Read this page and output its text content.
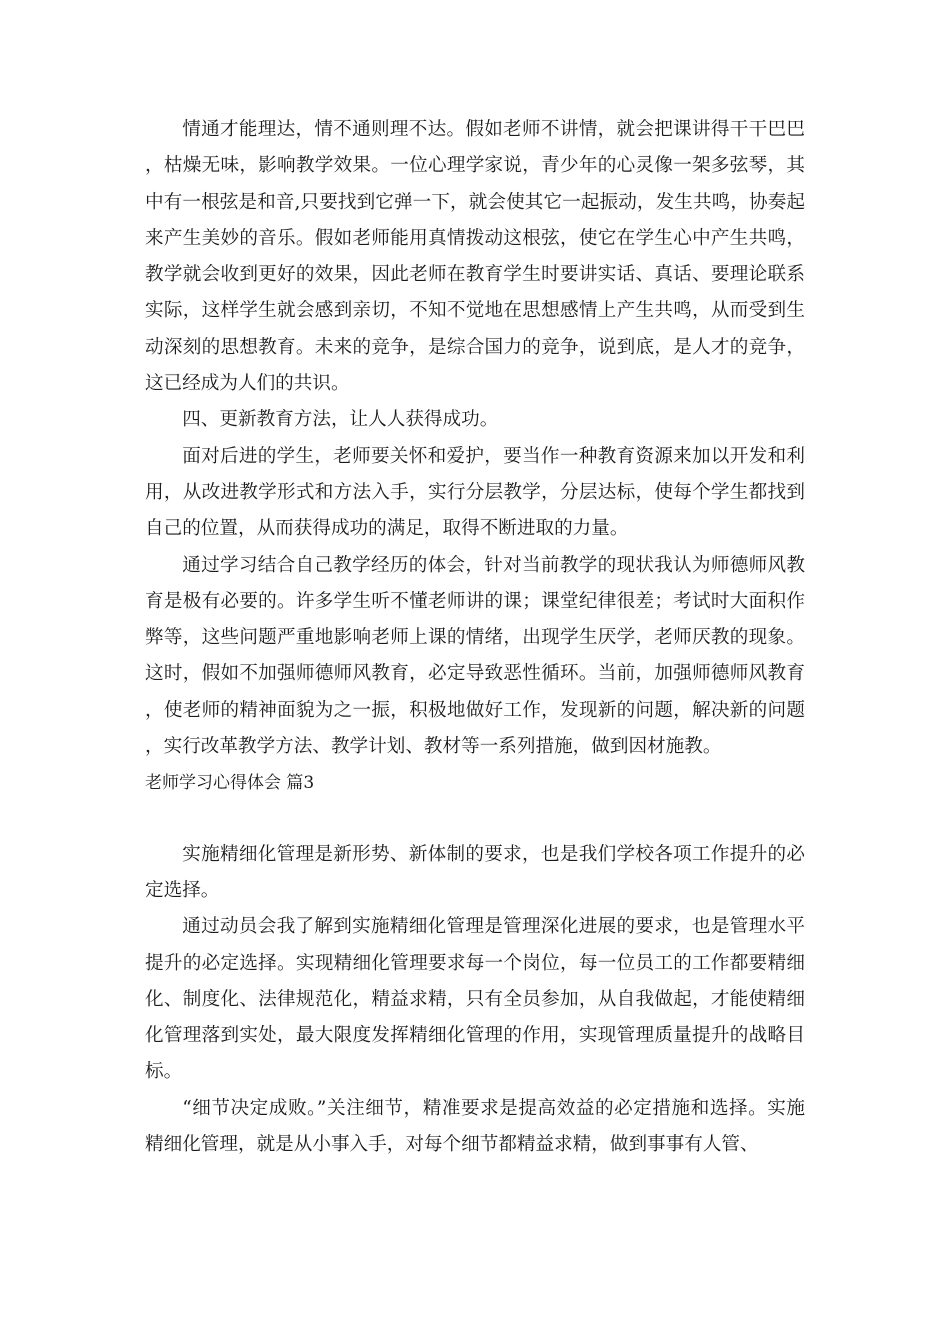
情通才能理达，情不通则理不达。假如老师不讲情，就会把课讲得干干巴巴，枯燥无味，影响教学效果。一位心理学家说，青少年的心灵像一架多弦琴，其中有一根弦是和音,只要找到它弹一下，就会使其它一起振动，发生共鸣，协奏起来产生美妙的音乐。假如老师能用真情拨动这根弦，使它在学生心中产生共鸣，教学就会收到更好的效果，因此老师在教育学生时要讲实话、真话、要理论联系实际，这样学生就会感到亲切，不知不觉地在思想感情上产生共鸣，从而受到生动深刻的思想教育。未来的竞争，是综合国力的竞争，说到底，是人才的竞争，这已经成为人们的共识。

四、更新教育方法，让人人获得成功。

面对后进的学生，老师要关怀和爱护，要当作一种教育资源来加以开发和利用，从改进教学形式和方法入手，实行分层教学，分层达标，使每个学生都找到自己的位置，从而获得成功的满足，取得不断进取的力量。

通过学习结合自己教学经历的体会，针对当前教学的现状我认为师德师风教育是极有必要的。许多学生听不懂老师讲的课；课堂纪律很差；考试时大面积作弊等，这些问题严重地影响老师上课的情绪，出现学生厌学，老师厌教的现象。这时，假如不加强师德师风教育，必定导致恶性循环。当前，加强师德师风教育，使老师的精神面貌为之一振，积极地做好工作，发现新的问题，解决新的问题，实行改革教学方法、教学计划、教材等一系列措施，做到因材施教。

老师学习心得体会 篇3

实施精细化管理是新形势、新体制的要求，也是我们学校各项工作提升的必定选择。

通过动员会我了解到实施精细化管理是管理深化进展的要求，也是管理水平提升的必定选择。实现精细化管理要求每一个岗位，每一位员工的工作都要精细化、制度化、法律规范化，精益求精，只有全员参加，从自我做起，才能使精细化管理落到实处，最大限度发挥精细化管理的作用，实现管理质量提升的战略目标。

“细节决定成败。”关注细节，精准要求是提高效益的必定措施和选择。实施精细化管理，就是从小事入手，对每个细节都精益求精，做到事事有人管、
